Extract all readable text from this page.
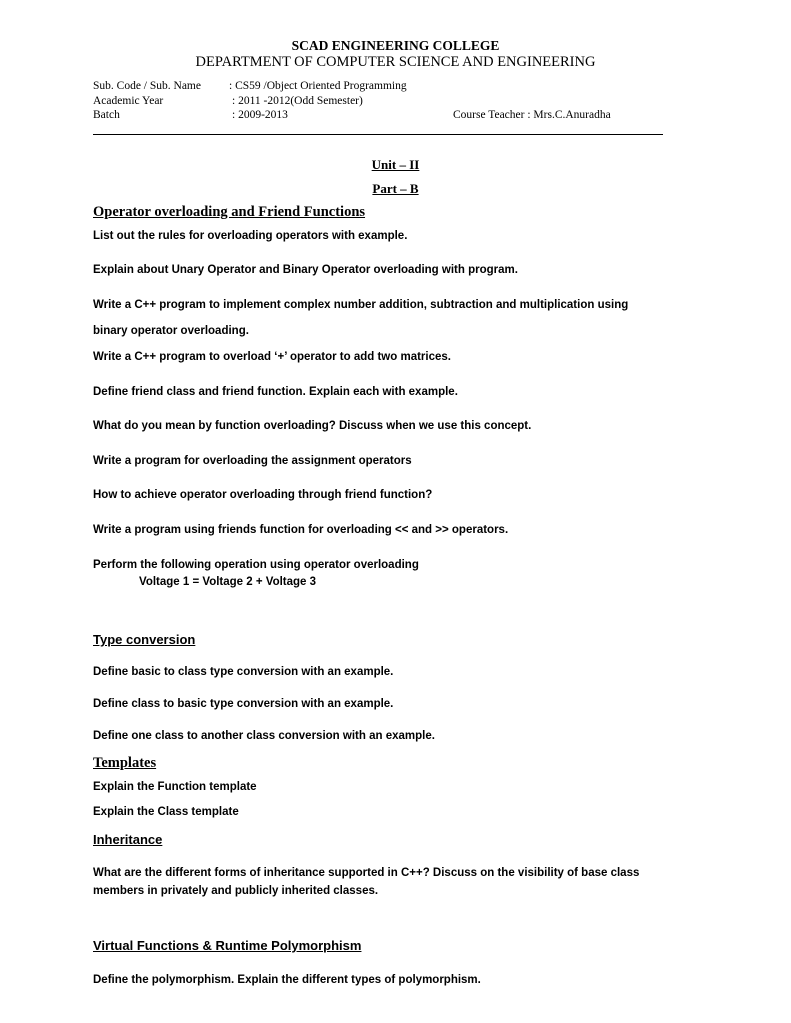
SCAD ENGINEERING COLLEGE
DEPARTMENT OF COMPUTER SCIENCE AND ENGINEERING
Sub. Code / Sub. Name : CS59 /Object Oriented Programming
Academic Year	: 2011 -2012(Odd Semester)
Batch	: 2009-2013	Course Teacher : Mrs.C.Anuradha
Unit – II
Part – B
Operator overloading and Friend Functions
List out the rules for overloading operators with example.
Explain about Unary Operator and Binary Operator overloading with program.
Write a C++ program to implement complex number addition, subtraction and multiplication using
binary operator overloading.
Write a C++ program to overload ‘+’ operator to add two matrices.
Define friend class and friend function. Explain each with example.
What do you mean by function overloading? Discuss when we use this concept.
Write a program for overloading the assignment operators
How to achieve operator overloading through friend function?
Write a program using friends function for overloading << and >> operators.
Perform the following operation using operator overloading
Voltage 1 = Voltage 2 + Voltage 3
Type conversion
Define basic to class type conversion with an example.
Define class to basic type conversion with an example.
Define one class to another class conversion with an example.
Templates
Explain the Function template
Explain the Class template
Inheritance
What are the different forms of inheritance supported in C++? Discuss on the visibility of base class
members in privately and publicly inherited classes.
Virtual Functions & Runtime Polymorphism
Define the polymorphism. Explain the different types of polymorphism.
